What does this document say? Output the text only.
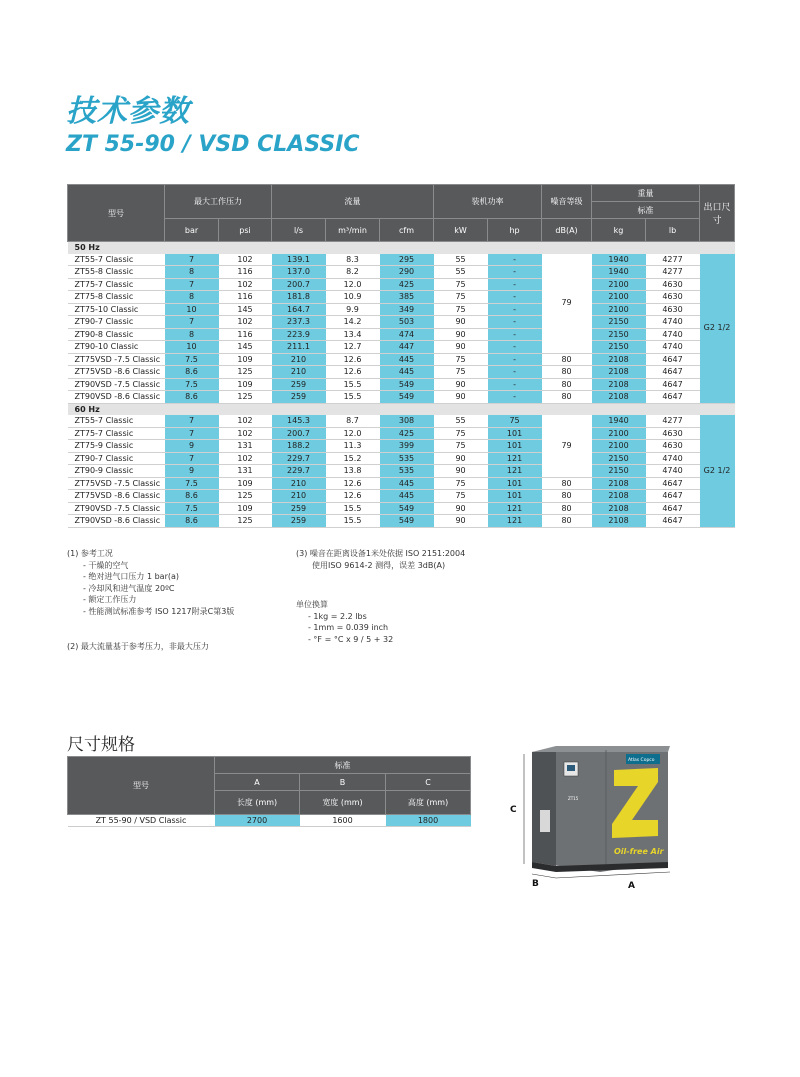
技术参数
ZT 55-90 / VSD CLASSIC
型号	最大工作压力		流量			装机功率		噪音等级	重量		出口尺寸
									标准		
	bar	psi	l/s	m³/min	cfm	kW	hp	dB(A)	kg	lb	
50 Hz											
ZT55-7 Classic	7	102	139.1	8.3	295	55	-	79	1940	4277	G2 1/2
ZT55-8 Classic	8	116	137.0	8.2	290	55	-		1940	4277	
ZT75-7 Classic	7	102	200.7	12.0	425	75	-		2100	4630	
ZT75-8 Classic	8	116	181.8	10.9	385	75	-		2100	4630	
ZT75-10 Classic	10	145	164.7	9.9	349	75	-		2100	4630	
ZT90-7 Classic	7	102	237.3	14.2	503	90	-		2150	4740	
ZT90-8 Classic	8	116	223.9	13.4	474	90	-		2150	4740	
ZT90-10 Classic	10	145	211.1	12.7	447	90	-		2150	4740	
ZT75VSD -7.5 Classic	7.5	109	210	12.6	445	75	-	80	2108	4647	
ZT75VSD -8.6 Classic	8.6	125	210	12.6	445	75	-	80	2108	4647	
ZT90VSD -7.5 Classic	7.5	109	259	15.5	549	90	-	80	2108	4647	
ZT90VSD -8.6 Classic	8.6	125	259	15.5	549	90	-	80	2108	4647	
60 Hz											
ZT55-7 Classic	7	102	145.3	8.7	308	55	75	79	1940	4277	G2 1/2
ZT75-7 Classic	7	102	200.7	12.0	425	75	101		2100	4630	
ZT75-9 Classic	9	131	188.2	11.3	399	75	101		2100	4630	
ZT90-7 Classic	7	102	229.7	15.2	535	90	121		2150	4740	
ZT90-9 Classic	9	131	229.7	13.8	535	90	121		2150	4740	
ZT75VSD -7.5 Classic	7.5	109	210	12.6	445	75	101	80	2108	4647	
ZT75VSD -8.6 Classic	8.6	125	210	12.6	445	75	101	80	2108	4647	
ZT90VSD -7.5 Classic	7.5	109	259	15.5	549	90	121	80	2108	4647	
ZT90VSD -8.6 Classic	8.6	125	259	15.5	549	90	121	80	2108	4647	
(1) 参考工况
- 干燥的空气
- 绝对进气口压力 1 bar(a)
- 冷却风和进气温度 20ºC
- 额定工作压力
- 性能测试标准参考 ISO 1217附录C第3版
(2) 最大流量基于参考压力，非最大压力
(3) 噪音在距离设备1米处依据 ISO 2151:2004
使用ISO 9614-2 测得，误差 3dB(A)
单位换算
- 1kg = 2.2 lbs
- 1mm = 0.039 inch
- °F = °C x 9 / 5 + 32
尺寸规格
型号	标准		
	A	B	C
	长度 (mm)	宽度 (mm)	高度 (mm)
ZT 55-90 / VSD Classic	2700	1600	1800
ZT15
Atlas Copco
Oil-free Air
C
B	A
